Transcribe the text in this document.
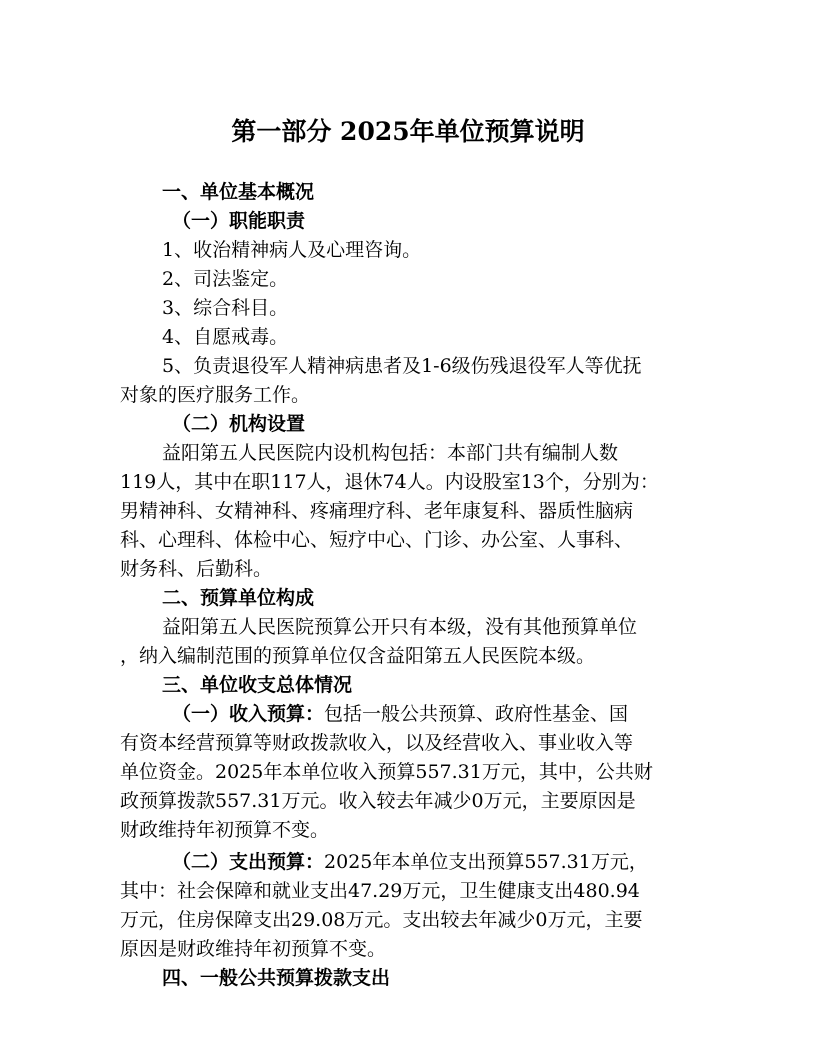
第一部分 2025年单位预算说明
一、单位基本概况
（一）职能职责
1、收治精神病人及心理咨询。
2、司法鉴定。
3、综合科目。
4、自愿戒毒。
5、负责退役军人精神病患者及1-6级伤残退役军人等优抚
对象的医疗服务工作。
（二）机构设置
益阳第五人民医院内设机构包括：本部门共有编制人数
119人，其中在职117人，退休74人。内设股室13个，分别为：
男精神科、女精神科、疼痛理疗科、老年康复科、器质性脑病
科、心理科、体检中心、短疗中心、门诊、办公室、人事科、
财务科、后勤科。
二、预算单位构成
益阳第五人民医院预算公开只有本级，没有其他预算单位
，纳入编制范围的预算单位仅含益阳第五人民医院本级。
三、单位收支总体情况
（一）收入预算：包括一般公共预算、政府性基金、国
有资本经营预算等财政拨款收入，以及经营收入、事业收入等
单位资金。2025年本单位收入预算557.31万元，其中，公共财
政预算拨款557.31万元。收入较去年减少0万元，主要原因是
财政维持年初预算不变。
（二）支出预算：2025年本单位支出预算557.31万元，
其中：社会保障和就业支出47.29万元，卫生健康支出480.94
万元，住房保障支出29.08万元。支出较去年减少0万元，主要
原因是财政维持年初预算不变。
四、一般公共预算拨款支出
